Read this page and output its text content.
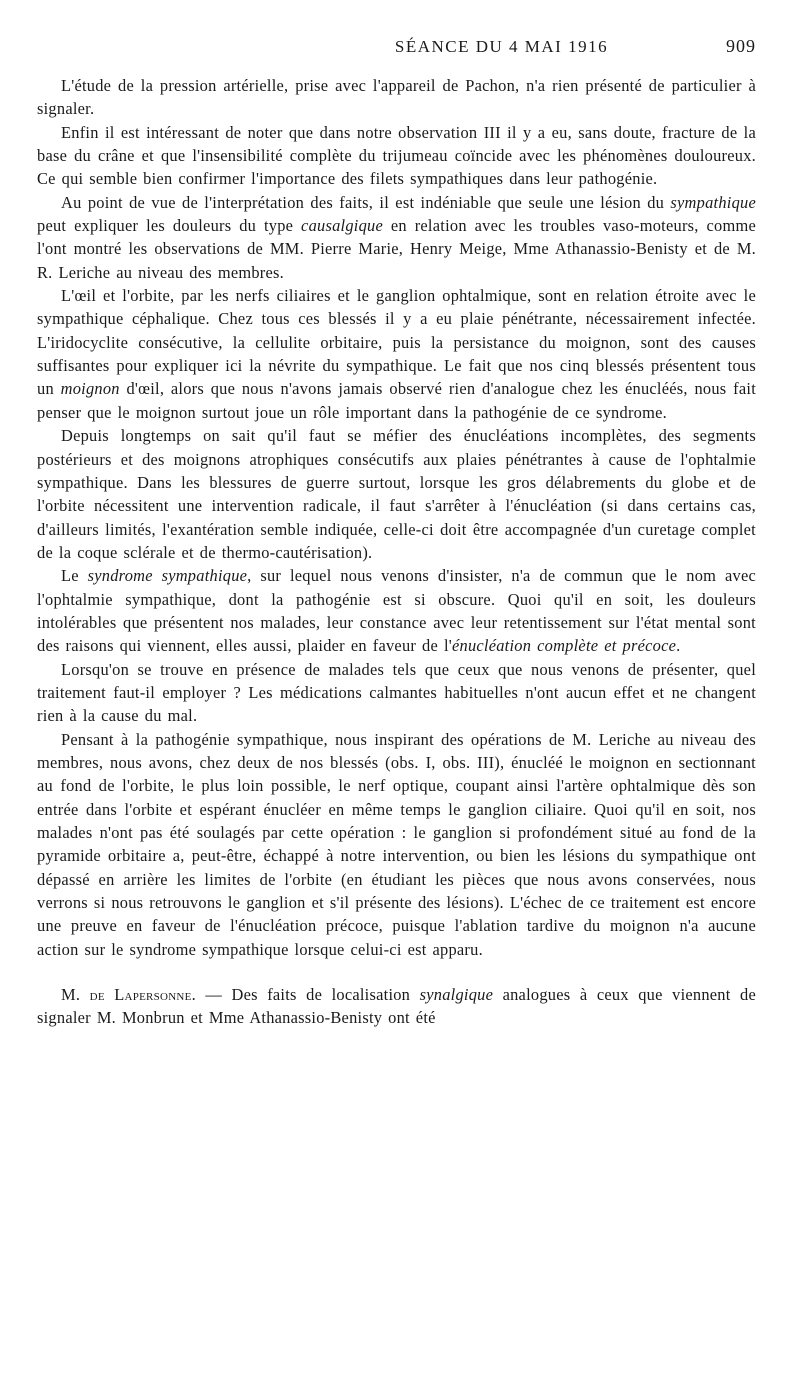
SÉANCE DU 4 MAI 1916	909

L'étude de la pression artérielle, prise avec l'appareil de Pachon, n'a rien présenté de particulier à signaler.

Enfin il est intéressant de noter que dans notre observation III il y a eu, sans doute, fracture de la base du crâne et que l'insensibilité complète du trijumeau coïncide avec les phénomènes douloureux. Ce qui semble bien confirmer l'importance des filets sympathiques dans leur pathogénie.

Au point de vue de l'interprétation des faits, il est indéniable que seule une lésion du sympathique peut expliquer les douleurs du type causalgique en relation avec les troubles vaso-moteurs, comme l'ont montré les observations de MM. Pierre Marie, Henry Meige, Mme Athanassio-Benisty et de M. R. Leriche au niveau des membres.

L'œil et l'orbite, par les nerfs ciliaires et le ganglion ophtalmique, sont en relation étroite avec le sympathique céphalique. Chez tous ces blessés il y a eu plaie pénétrante, nécessairement infectée. L'iridocyclite consécutive, la cellulite orbitaire, puis la persistance du moignon, sont des causes suffisantes pour expliquer ici la névrite du sympathique. Le fait que nos cinq blessés présentent tous un moignon d'œil, alors que nous n'avons jamais observé rien d'analogue chez les énucléés, nous fait penser que le moignon surtout joue un rôle important dans la pathogénie de ce syndrome.

Depuis longtemps on sait qu'il faut se méfier des énucléations incomplètes, des segments postérieurs et des moignons atrophiques consécutifs aux plaies pénétrantes à cause de l'ophtalmie sympathique. Dans les blessures de guerre surtout, lorsque les gros délabrements du globe et de l'orbite nécessitent une intervention radicale, il faut s'arrêter à l'énucléation (si dans certains cas, d'ailleurs limités, l'exantération semble indiquée, celle-ci doit être accompagnée d'un curetage complet de la coque sclérale et de thermo-cautérisation).

Le syndrome sympathique, sur lequel nous venons d'insister, n'a de commun que le nom avec l'ophtalmie sympathique, dont la pathogénie est si obscure. Quoi qu'il en soit, les douleurs intolérables que présentent nos malades, leur constance avec leur retentissement sur l'état mental sont des raisons qui viennent, elles aussi, plaider en faveur de l'énucléation complète et précoce.

Lorsqu'on se trouve en présence de malades tels que ceux que nous venons de présenter, quel traitement faut-il employer ? Les médications calmantes habituelles n'ont aucun effet et ne changent rien à la cause du mal.

Pensant à la pathogénie sympathique, nous inspirant des opérations de M. Leriche au niveau des membres, nous avons, chez deux de nos blessés (obs. I, obs. III), énucléé le moignon en sectionnant au fond de l'orbite, le plus loin possible, le nerf optique, coupant ainsi l'artère ophtalmique dès son entrée dans l'orbite et espérant énucléer en même temps le ganglion ciliaire. Quoi qu'il en soit, nos malades n'ont pas été soulagés par cette opération : le ganglion si profondément situé au fond de la pyramide orbitaire a, peut-être, échappé à notre intervention, ou bien les lésions du sympathique ont dépassé en arrière les limites de l'orbite (en étudiant les pièces que nous avons conservées, nous verrons si nous retrouvons le ganglion et s'il présente des lésions). L'échec de ce traitement est encore une preuve en faveur de l'énucléation précoce, puisque l'ablation tardive du moignon n'a aucune action sur le syndrome sympathique lorsque celui-ci est apparu.

M. de Lapersonne. — Des faits de localisation synalgique analogues à ceux que viennent de signaler M. Monbrun et Mme Athanassio-Benisty ont été
